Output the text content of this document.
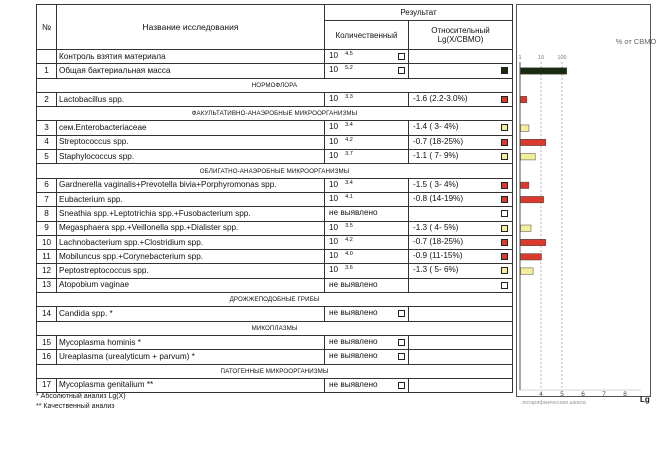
№	Название исследования	Результат	
		Количественный	Относительный
Lg(X/СВМО)
	Контроль взятия материала	10 $^{4.5}$

1	Общая бактериальная масса	10 $^{5.2}$

НОРМОФЛОРА			
2	Lactobacillus spp.	10 $^{3.3}$	-1.6 (2.2-3.0%)

ФАКУЛЬТАТИВНО-АНАЭРОБНЫЕ МИКРООРГАНИЗМЫ			
3	сем.Enterobacteriaceae	10 $^{3.4}$	-1.4 ( 3- 4%)

4	Streptococcus spp.	10 $^{4.2}$	-0.7 (18-25%)

5	Staphylococcus spp.	10 $^{3.7}$	-1.1 ( 7- 9%)

ОБЛИГАТНО-АНАЭРОБНЫЕ МИКРООРГАНИЗМЫ			
6	Gardnerella vaginalis+Prevotella bivia+Porphyromonas spp.	10 $^{3.4}$	-1.5 ( 3- 4%)

7	Eubacterium spp.	10 $^{4.1}$	-0.8 (14-19%)

8	Sneathia spp.+Leptotrichia spp.+Fusobacterium spp.	не выявлено	

9	Megasphaera spp.+Veillonella spp.+Dialister spp.	10 $^{3.5}$	-1.3 ( 4- 5%)

10	Lachnobacterium spp.+Clostridium spp.	10 $^{4.2}$	-0.7 (18-25%)

11	Mobiluncus spp.+Corynebacterium spp.	10 $^{4.0}$	-0.9 (11-15%)

12	Peptostreptococcus spp.	10 $^{3.6}$	-1.3 ( 5- 6%)

13	Atopobium vaginae	не выявлено	

ДРОЖЖЕПОДОБНЫЕ ГРИБЫ			
14	Candida spp. *	не выявлено	

МИКОПЛАЗМЫ			
15	Mycoplasma hominis *	не выявлено	

16	Ureaplasma (urealyticum + parvum) *	не выявлено	

ПАТОГЕННЫЕ МИКРООРГАНИЗМЫ			
17	Mycoplasma genitalium **	не выявлено	

* Абсолютный анализ Lg(X)
** Качественный анализ
1	10 100
% от СВМО
4	5	6	7	8
логарифмическая шкала	Lg
